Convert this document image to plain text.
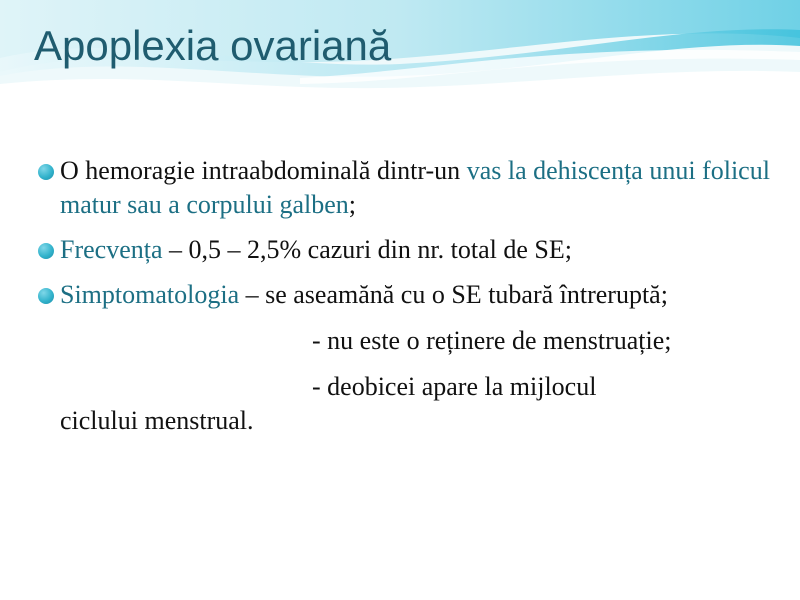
Apoplexia ovariană
O hemoragie intraabdominală dintr-un vas la dehiscența unui folicul matur sau a corpului galben;
Frecvența – 0,5 – 2,5% cazuri din nr. total de SE;
Simptomatologia – se aseamănă cu o SE tubară întreruptă;
- nu este o reținere de menstruație;
- deobicei apare la mijlocul
ciclului menstrual.
